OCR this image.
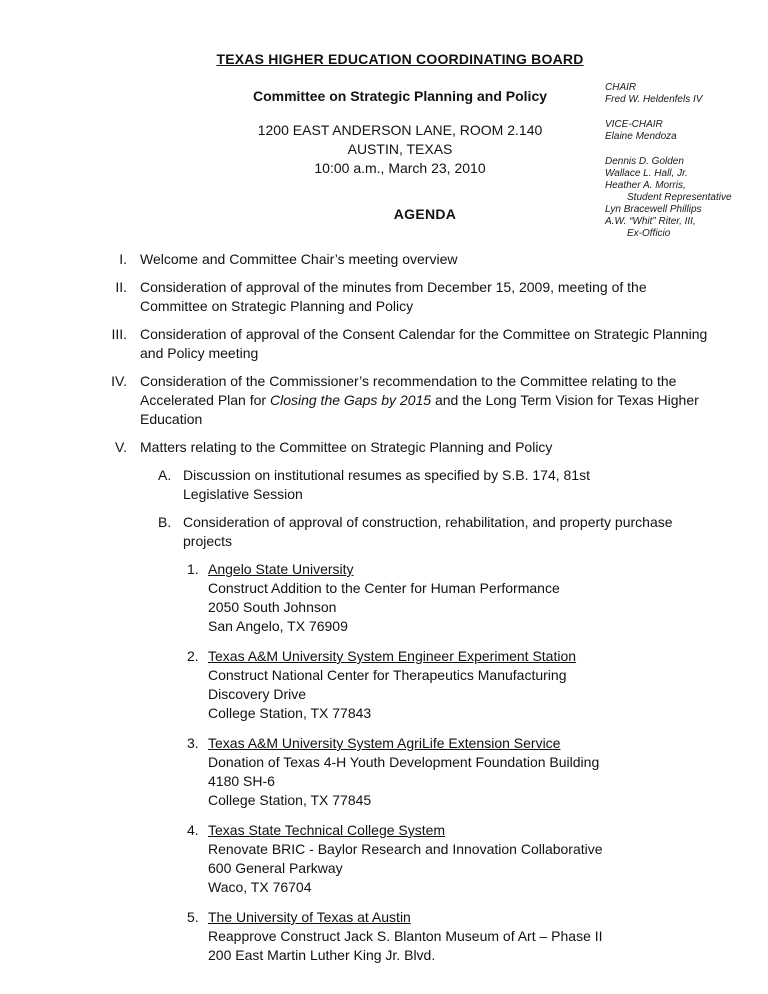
TEXAS HIGHER EDUCATION COORDINATING BOARD
Committee on Strategic Planning and Policy
1200 EAST ANDERSON LANE, ROOM 2.140
AUSTIN, TEXAS
10:00 a.m., March 23, 2010
AGENDA
CHAIR
Fred W. Heldenfels IV
VICE-CHAIR
Elaine Mendoza
Dennis D. Golden
Wallace L. Hall, Jr.
Heather A. Morris,
Student Representative
Lyn Bracewell Phillips
A.W. “Whit” Riter, III,
Ex-Officio
I. Welcome and Committee Chair’s meeting overview
II. Consideration of approval of the minutes from December 15, 2009, meeting of the
Committee on Strategic Planning and Policy
III. Consideration of approval of the Consent Calendar for the Committee on Strategic Planning
and Policy meeting
IV. Consideration of the Commissioner’s recommendation to the Committee relating to the
Accelerated Plan for Closing the Gaps by 2015 and the Long Term Vision for Texas Higher
Education
V. Matters relating to the Committee on Strategic Planning and Policy
A. Discussion on institutional resumes as specified by S.B. 174, 81st
Legislative Session
B. Consideration of approval of construction, rehabilitation, and property purchase
projects
1. Angelo State University
Construct Addition to the Center for Human Performance
2050 South Johnson
San Angelo, TX 76909
2. Texas A&M University System Engineer Experiment Station
Construct National Center for Therapeutics Manufacturing
Discovery Drive
College Station, TX 77843
3. Texas A&M University System AgriLife Extension Service
Donation of Texas 4-H Youth Development Foundation Building
4180 SH-6
College Station, TX 77845
4. Texas State Technical College System
Renovate BRIC - Baylor Research and Innovation Collaborative
600 General Parkway
Waco, TX 76704
5. The University of Texas at Austin
Reapprove Construct Jack S. Blanton Museum of Art – Phase II
200 East Martin Luther King Jr. Blvd.
